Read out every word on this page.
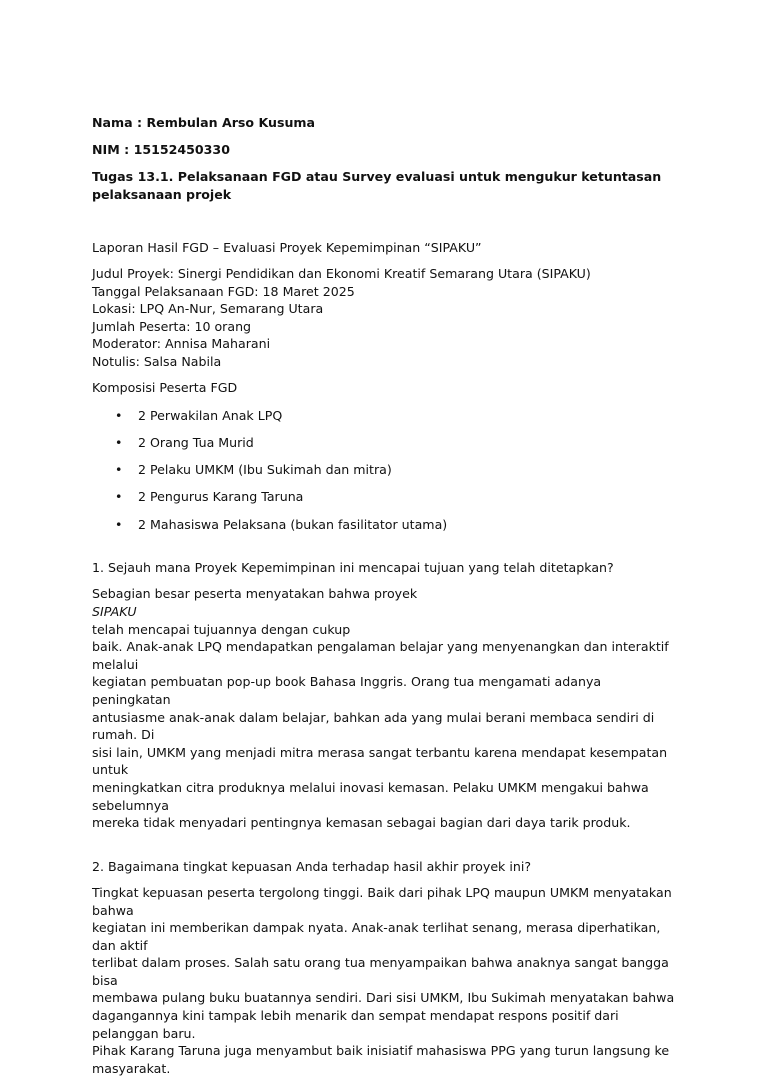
Nama : Rembulan Arso Kusuma
NIM : 15152450330
Tugas 13.1. Pelaksanaan FGD atau Survey evaluasi untuk mengukur ketuntasan pelaksanaan projek
Laporan Hasil FGD – Evaluasi Proyek Kepemimpinan “SIPAKU”
Judul Proyek: Sinergi Pendidikan dan Ekonomi Kreatif Semarang Utara (SIPAKU)
Tanggal Pelaksanaan FGD: 18 Maret 2025
Lokasi: LPQ An-Nur, Semarang Utara
Jumlah Peserta: 10 orang
Moderator: Annisa Maharani
Notulis: Salsa Nabila
Komposisi Peserta FGD
• 2 Perwakilan Anak LPQ
• 2 Orang Tua Murid
• 2 Pelaku UMKM (Ibu Sukimah dan mitra)
• 2 Pengurus Karang Taruna
• 2 Mahasiswa Pelaksana (bukan fasilitator utama)
1. Sejauh mana Proyek Kepemimpinan ini mencapai tujuan yang telah ditetapkan?
Sebagian besar peserta menyatakan bahwa proyek
SIPAKU
telah mencapai tujuannya dengan cukup
baik. Anak-anak LPQ mendapatkan pengalaman belajar yang menyenangkan dan interaktif melalui
kegiatan pembuatan pop-up book Bahasa Inggris. Orang tua mengamati adanya peningkatan
antusiasme anak-anak dalam belajar, bahkan ada yang mulai berani membaca sendiri di rumah. Di
sisi lain, UMKM yang menjadi mitra merasa sangat terbantu karena mendapat kesempatan untuk
meningkatkan citra produknya melalui inovasi kemasan. Pelaku UMKM mengakui bahwa sebelumnya
mereka tidak menyadari pentingnya kemasan sebagai bagian dari daya tarik produk.
2. Bagaimana tingkat kepuasan Anda terhadap hasil akhir proyek ini?
Tingkat kepuasan peserta tergolong tinggi. Baik dari pihak LPQ maupun UMKM menyatakan bahwa
kegiatan ini memberikan dampak nyata. Anak-anak terlihat senang, merasa diperhatikan, dan aktif
terlibat dalam proses. Salah satu orang tua menyampaikan bahwa anaknya sangat bangga bisa
membawa pulang buku buatannya sendiri. Dari sisi UMKM, Ibu Sukimah menyatakan bahwa
dagangannya kini tampak lebih menarik dan sempat mendapat respons positif dari pelanggan baru.
Pihak Karang Taruna juga menyambut baik inisiatif mahasiswa PPG yang turun langsung ke
masyarakat.
